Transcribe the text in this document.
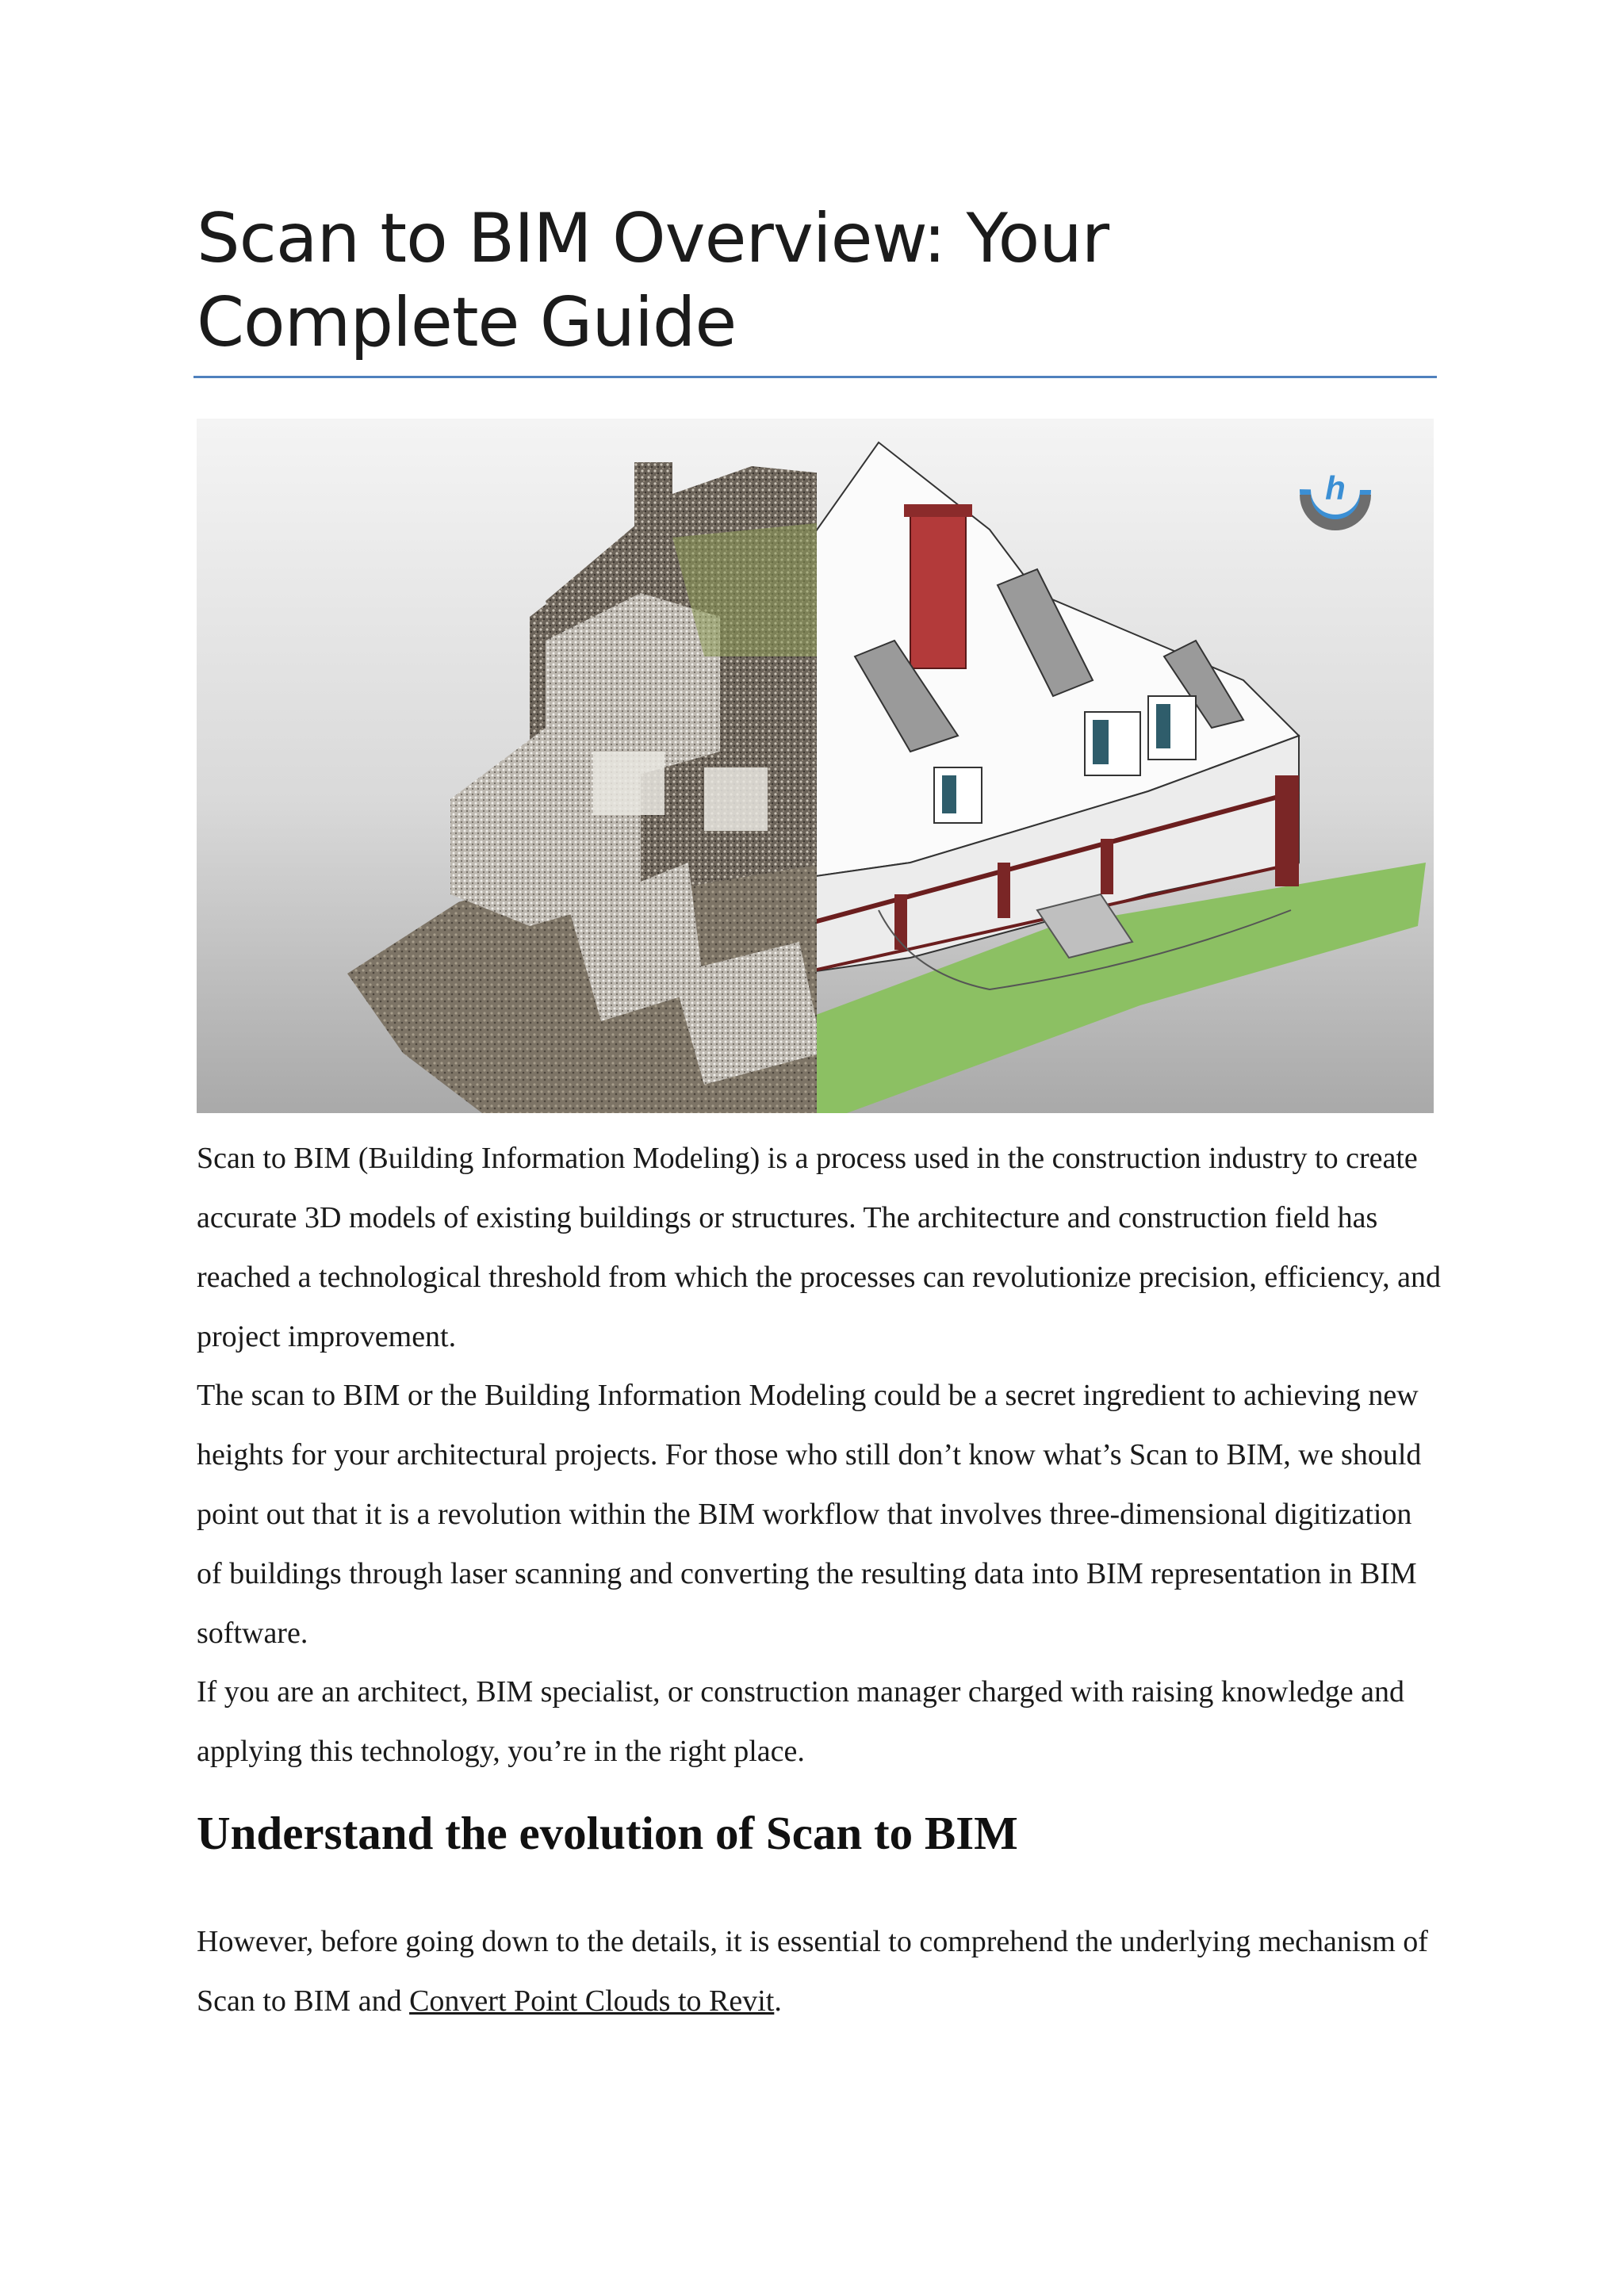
Scan to BIM Overview: Your Complete Guide
h

Scan to BIM (Building Information Modeling) is a process used in the construction industry to create accurate 3D models of existing buildings or structures. The architecture and construction field has reached a technological threshold from which the processes can revolutionize precision, efficiency, and project improvement.

The scan to BIM or the Building Information Modeling could be a secret ingredient to achieving new heights for your architectural projects. For those who still don’t know what’s Scan to BIM, we should point out that it is a revolution within the BIM workflow that involves three-dimensional digitization of buildings through laser scanning and converting the resulting data into BIM representation in BIM software.

If you are an architect, BIM specialist, or construction manager charged with raising knowledge and applying this technology, you’re in the right place.

Understand the evolution of Scan to BIM

However, before going down to the details, it is essential to comprehend the underlying mechanism of Scan to BIM and Convert Point Clouds to Revit.
